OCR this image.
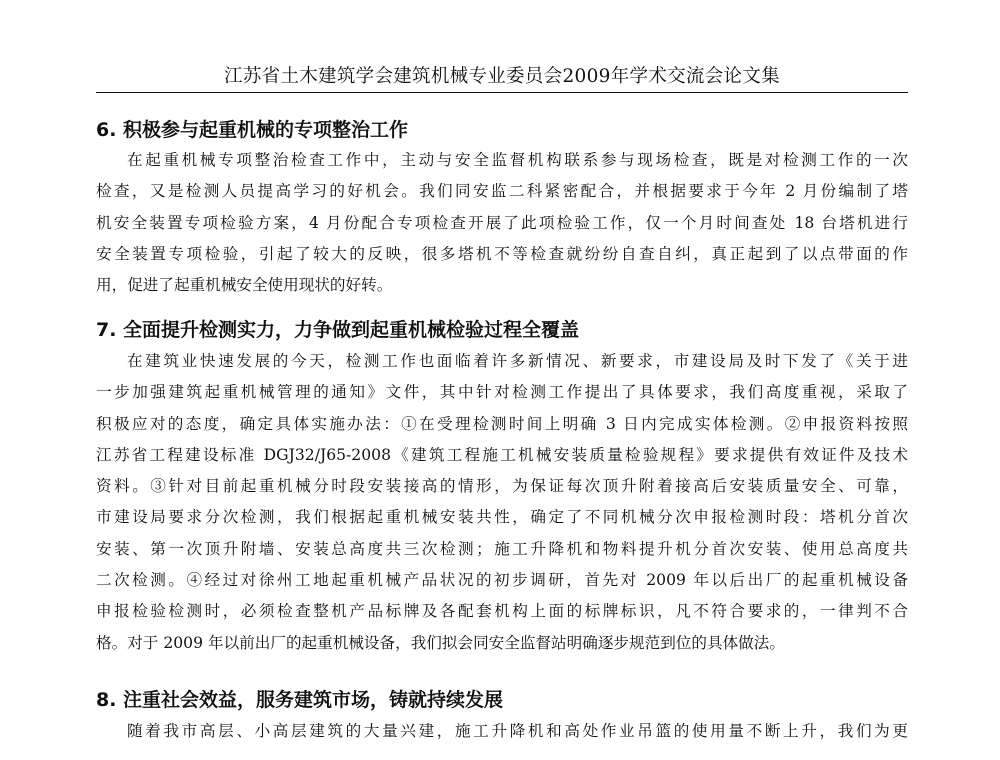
江苏省土木建筑学会建筑机械专业委员会2009年学术交流会论文集
6. 积极参与起重机械的专项整治工作
在起重机械专项整治检查工作中，主动与安全监督机构联系参与现场检查，既是对检测工作的一次
检查，又是检测人员提高学习的好机会。我们同安监二科紧密配合，并根据要求于今年 2 月份编制了塔
机安全装置专项检验方案，4 月份配合专项检查开展了此项检验工作，仅一个月时间查处 18 台塔机进行
安全装置专项检验，引起了较大的反映，很多塔机不等检查就纷纷自查自纠，真正起到了以点带面的作
用，促进了起重机械安全使用现状的好转。
7. 全面提升检测实力，力争做到起重机械检验过程全覆盖
在建筑业快速发展的今天，检测工作也面临着许多新情况、新要求，市建设局及时下发了《关于进
一步加强建筑起重机械管理的通知》文件，其中针对检测工作提出了具体要求，我们高度重视，采取了
积极应对的态度，确定具体实施办法：①在受理检测时间上明确 3 日内完成实体检测。②申报资料按照
江苏省工程建设标准 DGJ32/J65-2008《建筑工程施工机械安装质量检验规程》要求提供有效证件及技术
资料。③针对目前起重机械分时段安装接高的情形，为保证每次顶升附着接高后安装质量安全、可靠，
市建设局要求分次检测，我们根据起重机械安装共性，确定了不同机械分次申报检测时段：塔机分首次
安装、第一次顶升附墙、安装总高度共三次检测；施工升降机和物料提升机分首次安装、使用总高度共
二次检测。④经过对徐州工地起重机械产品状况的初步调研，首先对 2009 年以后出厂的起重机械设备
申报检验检测时，必须检查整机产品标牌及各配套机构上面的标牌标识，凡不符合要求的，一律判不合
格。对于 2009 年以前出厂的起重机械设备，我们拟会同安全监督站明确逐步规范到位的具体做法。
8. 注重社会效益，服务建筑市场，铸就持续发展
随着我市高层、小高层建筑的大量兴建，施工升降机和高处作业吊篮的使用量不断上升，我们为更
